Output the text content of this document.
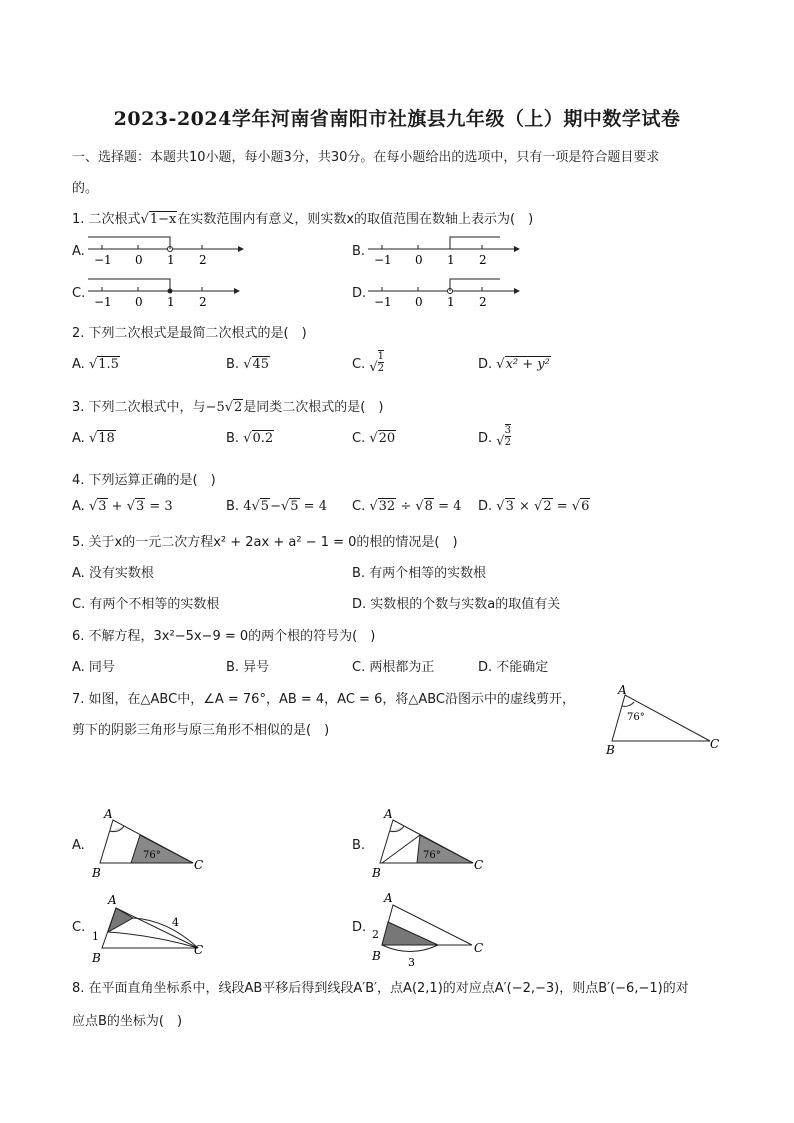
2023-2024学年河南省南阳市社旗县九年级（上）期中数学试卷
一、选择题：本题共10小题，每小题3分，共30分。在每小题给出的选项中，只有一项是符合题目要求
的。
1. 二次根式√1−x在实数范围内有意义，则实数x的取值范围在数轴上表示为(　)
A.
−1 0 1 2
B.
−1 0 1 2
C.
−1 0 1 2
D.
−1 0 1 2
2. 下列二次根式是最简二次根式的是(　)
A. √1.5	B. √45	C. √ $\frac{1}{2}$	D. √x² + y²
3. 下列二次根式中，与−5√2是同类二次根式的是(　)
A. √18	B. √0.2	C. √20	D. √ $\frac{3}{2}$
4. 下列运算正确的是(　)
A. √3 + √3 = 3	B. 4√5−√5 = 4 C. √32 ÷ √8 = 4 D. √3 × √2 = √6
5. 关于x的一元二次方程x² + 2ax + a² − 1 = 0的根的情况是(　)
A. 没有实数根	B. 有两个相等的实数根
C. 有两个不相等的实数根	D. 实数根的个数与实数a的取值有关
6. 不解方程，3x²−5x−9 = 0的两个根的符号为(　)
A. 同号	B. 异号	C. 两根都为正	D. 不能确定
7. 如图，在△ABC中，∠A = 76°，AB = 4，AC = 6，将△ABC沿图示中的虚线剪开，
剪下的阴影三角形与原三角形不相似的是(　)
A
B	C
76°
A.
76°
A
B
C
B.
76°
A
B
C
C.
A
B
C
1
4	D.
A
B
C
2
3
8. 在平面直角坐标系中，线段AB平移后得到线段A′B′，点A(2,1)的对应点A′(−2,−3)，则点B′(−6,−1)的对
应点B的坐标为(　)
